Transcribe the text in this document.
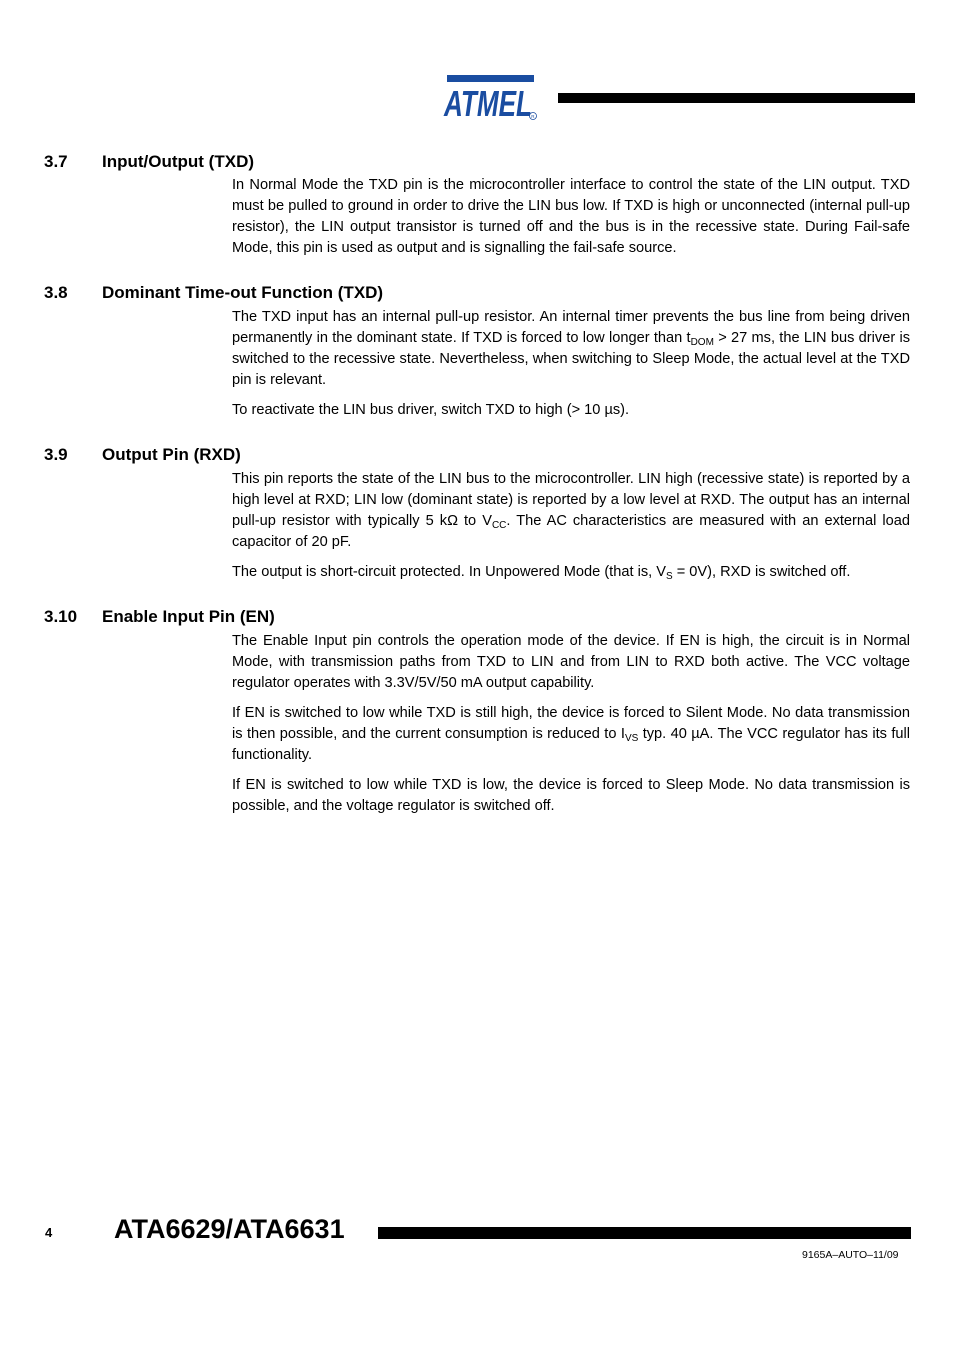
ATMEL R
3.7 Input/Output (TXD)
In Normal Mode the TXD pin is the microcontroller interface to control the state of the LIN output. TXD must be pulled to ground in order to drive the LIN bus low. If TXD is high or unconnected (internal pull-up resistor), the LIN output transistor is turned off and the bus is in the recessive state. During Fail-safe Mode, this pin is used as output and is signalling the fail-safe source.
3.8 Dominant Time-out Function (TXD)
The TXD input has an internal pull-up resistor. An internal timer prevents the bus line from being driven permanently in the dominant state. If TXD is forced to low longer than $t_{DOM} > 27$ ms, the LIN bus driver is switched to the recessive state. Nevertheless, when switching to Sleep Mode, the actual level at the TXD pin is relevant.
To reactivate the LIN bus driver, switch TXD to high (> 10 µs).
3.9 Output Pin (RXD)
This pin reports the state of the LIN bus to the microcontroller. LIN high (recessive state) is reported by a high level at RXD; LIN low (dominant state) is reported by a low level at RXD. The output has an internal pull-up resistor with typically 5 kΩ to $V_{CC}$. The AC characteristics are measured with an external load capacitor of 20 pF.
The output is short-circuit protected. In Unpowered Mode (that is, $V_S = 0V$), RXD is switched off.
3.10 Enable Input Pin (EN)
The Enable Input pin controls the operation mode of the device. If EN is high, the circuit is in Normal Mode, with transmission paths from TXD to LIN and from LIN to RXD both active. The VCC voltage regulator operates with 3.3V/5V/50 mA output capability.
If EN is switched to low while TXD is still high, the device is forced to Silent Mode. No data transmission is then possible, and the current consumption is reduced to $I_{VS}$ typ. 40 µA. The VCC regulator has its full functionality.
If EN is switched to low while TXD is low, the device is forced to Sleep Mode. No data transmission is possible, and the voltage regulator is switched off.
4 ATA6629/ATA6631
9165A–AUTO–11/09
